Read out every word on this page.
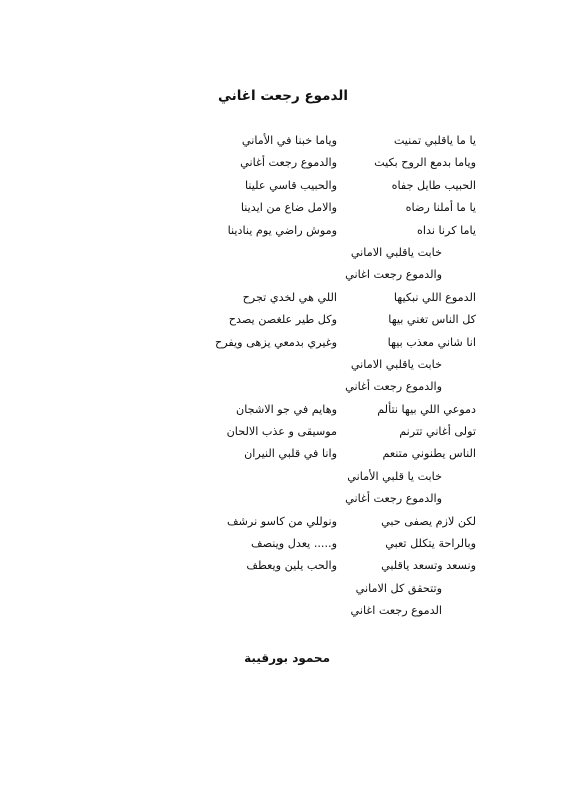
الدموع رجعت اغاني
يا ما ياقلبي تمنيت
وياما خبنا في الأماني
وياما بدمع الروح بكيت
والدموع رجعت أغاني
الحبيب طايل جفاه
والحبيب قاسي علينا
يا ما أملنا رضاه
والامل ضاع من ايدينا
ياما كرنا نداه
وموش راضي يوم ينادينا
خابت ياقلبي الاماني
والدموع رجعت اغاني
الدموع اللي نبكيها
اللي هي لخدي تجرح
كل الناس تغني بيها
وكل طير علغصن يصدح
انا شاني معذب بيها
وغيري بدمعي يزهى ويفرح
خابت ياقلبي الاماني
والدموع رجعت أغاني
دموعي اللي بيها نتألم
وهايم في جو الاشجان
تولى أغاني تترنم
موسيقى و عذب الالحان
الناس يطنوني متنعم
وانا في قلبي النيران
خابت يا قلبي الأماني
والدموع رجعت أغاني
لكن لازم يصفى حبي
ونوللي من كاسو نرشف
وبالراحة يتكلل تعبي
و..... يعدل وينصف
ونسعد وتسعد ياقلبي
والحب يلين ويعطف
وتتحقق كل الاماني
الدموع رجعت اغاني

محمود بورقيبة
